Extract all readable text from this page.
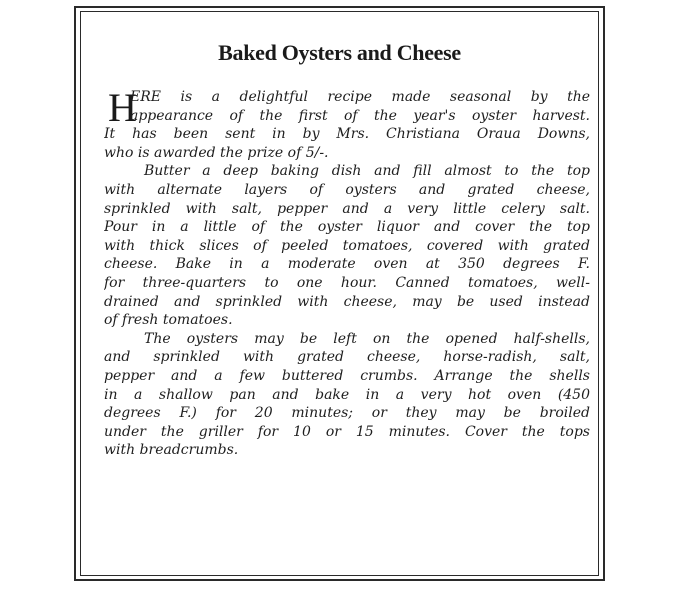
Baked Oysters and Cheese
H
ERE is a delightful recipe made seasonal by the
appearance of the first of the year's oyster harvest.
It has been sent in by Mrs. Christiana Oraua Downs,
who is awarded the prize of 5/-.
Butter a deep baking dish and fill almost to the top
with alternate layers of oysters and grated cheese,
sprinkled with salt, pepper and a very little celery salt.
Pour in a little of the oyster liquor and cover the top
with thick slices of peeled tomatoes, covered with grated
cheese. Bake in a moderate oven at 350 degrees F.
for three-quarters to one hour. Canned tomatoes, well-
drained and sprinkled with cheese, may be used instead
of fresh tomatoes.
The oysters may be left on the opened half-shells,
and sprinkled with grated cheese, horse-radish, salt,
pepper and a few buttered crumbs. Arrange the shells
in a shallow pan and bake in a very hot oven (450
degrees F.) for 20 minutes; or they may be broiled
under the griller for 10 or 15 minutes. Cover the tops
with breadcrumbs.
